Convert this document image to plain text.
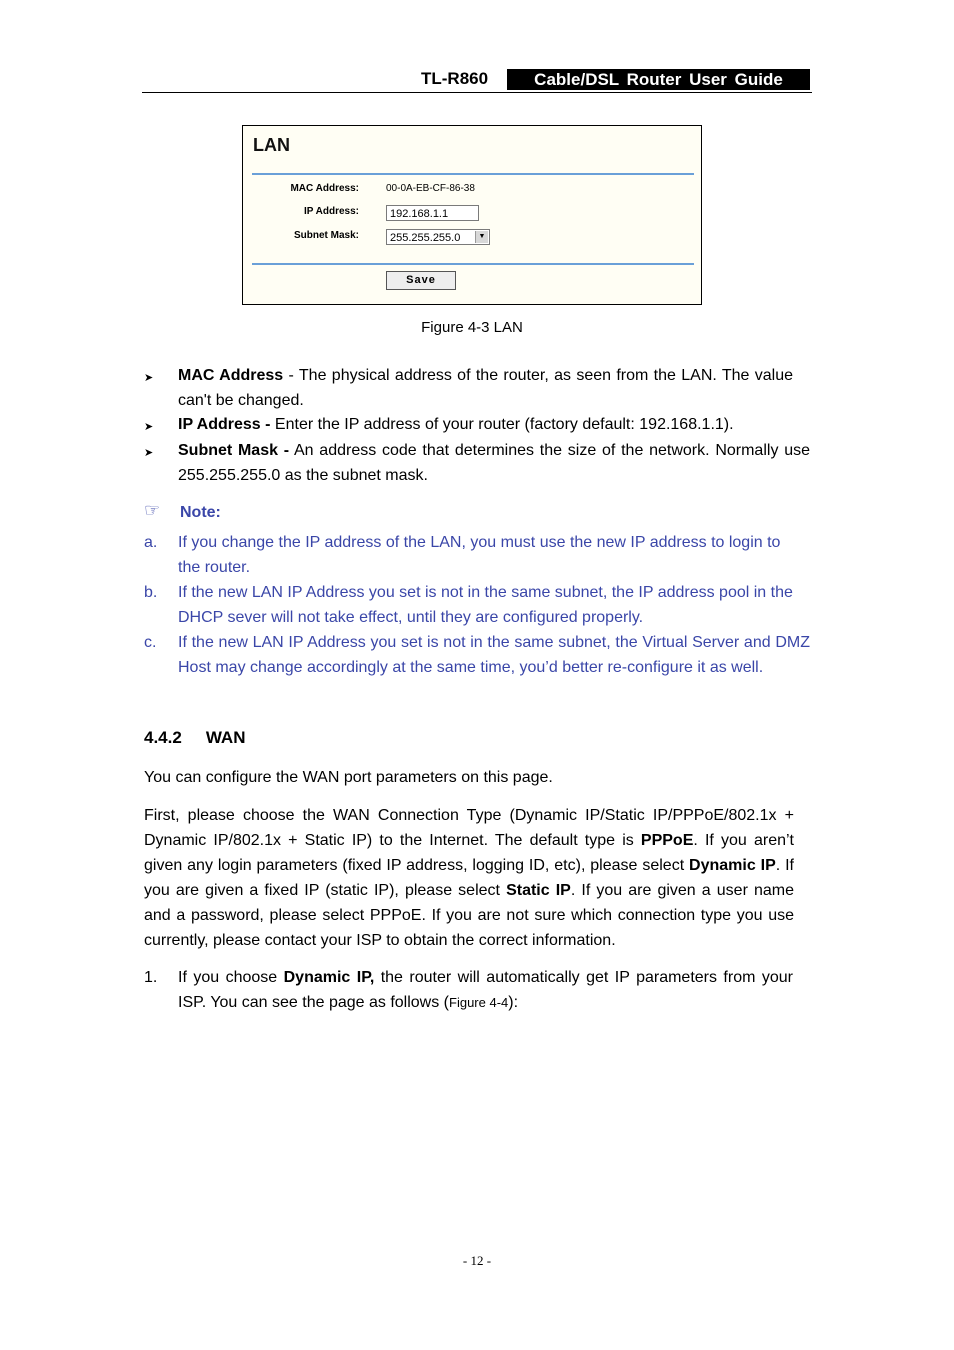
TL-R860	Cable/DSL Router User Guide
LAN
MAC Address:	00-0A-EB-CF-86-38
IP Address:	192.168.1.1
Subnet Mask:	255.255.255.0	▼
Save
Figure 4-3 LAN
➤ MAC Address - The physical address of the router, as seen from the LAN. The value can't be changed.
➤ IP Address - Enter the IP address of your router (factory default: 192.168.1.1).
➤ Subnet Mask - An address code that determines the size of the network. Normally use 255.255.255.0 as the subnet mask.
☞ Note:
a. If you change the IP address of the LAN, you must use the new IP address to login to the router.
b. If the new LAN IP Address you set is not in the same subnet, the IP address pool in the DHCP sever will not take effect, until they are configured properly.
c. If the new LAN IP Address you set is not in the same subnet, the Virtual Server and DMZ Host may change accordingly at the same time, you’d better re-configure it as well.
4.4.2 WAN
You can configure the WAN port parameters on this page.
First, please choose the WAN Connection Type (Dynamic IP/Static IP/PPPoE/802.1x + Dynamic IP/802.1x + Static IP) to the Internet. The default type is PPPoE. If you aren’t given any login parameters (fixed IP address, logging ID, etc), please select Dynamic IP. If you are given a fixed IP (static IP), please select Static IP. If you are given a user name and a password, please select PPPoE. If you are not sure which connection type you use currently, please contact your ISP to obtain the correct information.
1. If you choose Dynamic IP, the router will automatically get IP parameters from your ISP. You can see the page as follows (Figure 4-4):
- 12 -
